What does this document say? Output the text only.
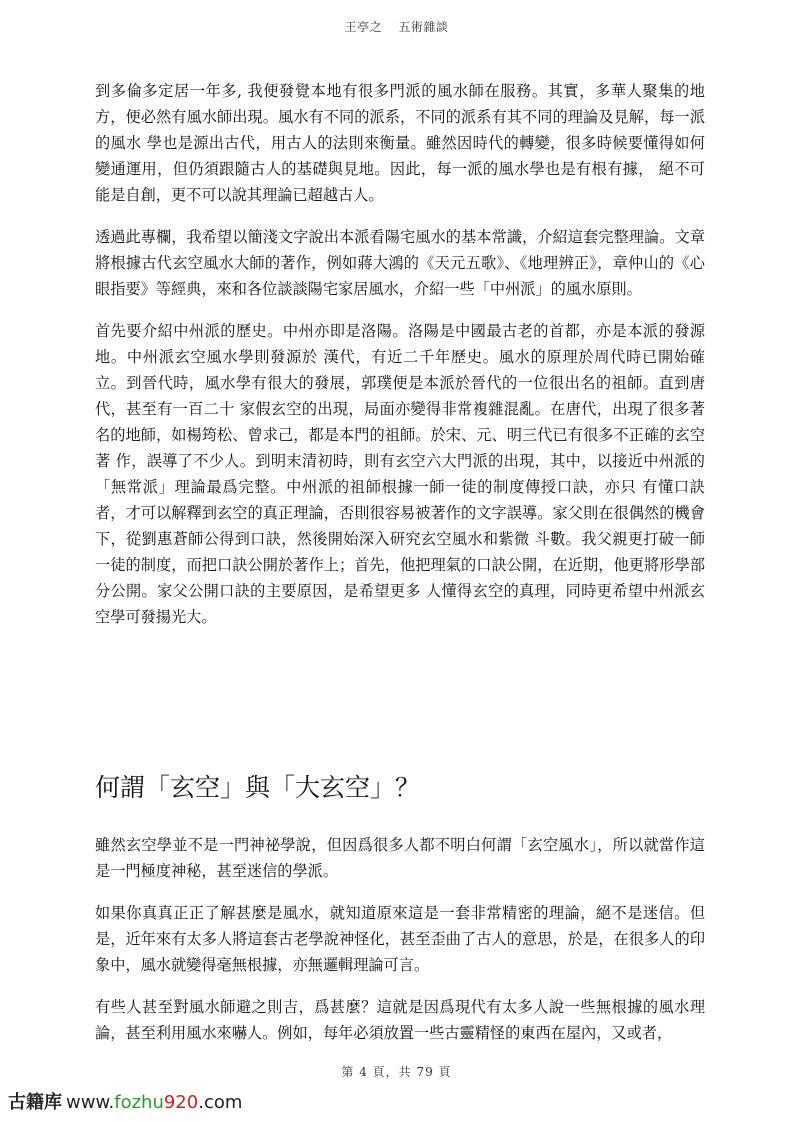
王亭之 五術雜談

到多倫多定居一年多, 我便發覺本地有很多門派的風水師在服務。其實，多華人聚集的地方，便必然有風水師出現。風水有不同的派系，不同的派系有其不同的理論及見解，每一派的風水 學也是源出古代，用古人的法則來衡量。雖然因時代的轉變，很多時候要懂得如何變通運用，但仍須跟隨古人的基礎與見地。因此，每一派的風水學也是有根有據， 絕不可能是自創，更不可以說其理論已超越古人。

透過此專欄，我希望以簡淺文字說出本派看陽宅風水的基本常識，介紹這套完整理論。文章將根據古代玄空風水大師的著作，例如蔣大鴻的《天元五歌》、《地理辨正》，章仲山的《心眼指要》等經典，來和各位談談陽宅家居風水，介紹一些「中州派」的風水原則。

首先要介紹中州派的歷史。中州亦即是洛陽。洛陽是中國最古老的首都，亦是本派的發源地。中州派玄空風水學則發源於 漢代，有近二千年歷史。風水的原理於周代時已開始確立。到晉代時，風水學有很大的發展，郭璞便是本派於晉代的一位很出名的祖師。直到唐代，甚至有一百二十 家假玄空的出現，局面亦變得非常複雜混亂。在唐代，出現了很多著名的地師，如楊筠松、曾求己，都是本門的祖師。於宋、元、明三代已有很多不正確的玄空著 作，誤導了不少人。到明末清初時，則有玄空六大門派的出現，其中，以接近中州派的「無常派」理論最爲完整。中州派的祖師根據一師一徒的制度傳授口訣，亦只 有懂口訣者，才可以解釋到玄空的真正理論，否則很容易被著作的文字誤導。家父則在很偶然的機會下，從劉惠蒼師公得到口訣，然後開始深入研究玄空風水和紫微 斗數。我父親更打破一師一徒的制度，而把口訣公開於著作上；首先，他把理氣的口訣公開，在近期，他更將形學部分公開。家父公開口訣的主要原因，是希望更多 人懂得玄空的真理，同時更希望中州派玄空學可發揚光大。

何謂「玄空」與「大玄空」？

雖然玄空學並不是一門神祕學說，但因爲很多人都不明白何謂「玄空風水」，所以就當作這是一門極度神秘，甚至迷信的學派。

如果你真真正正了解甚麼是風水，就知道原來這是一套非常精密的理論，絕不是迷信。但是，近年來有太多人將這套古老學說神怪化，甚至歪曲了古人的意思，於是，在很多人的印象中，風水就變得毫無根據，亦無邏輯理論可言。

有些人甚至對風水師避之則吉，爲甚麼？這就是因爲現代有太多人說一些無根據的風水理論，甚至利用風水來嚇人。例如，每年必須放置一些古靈精怪的東西在屋內，又或者，

第 4 頁，共 79 頁
古籍库 www.fozhu920.com
